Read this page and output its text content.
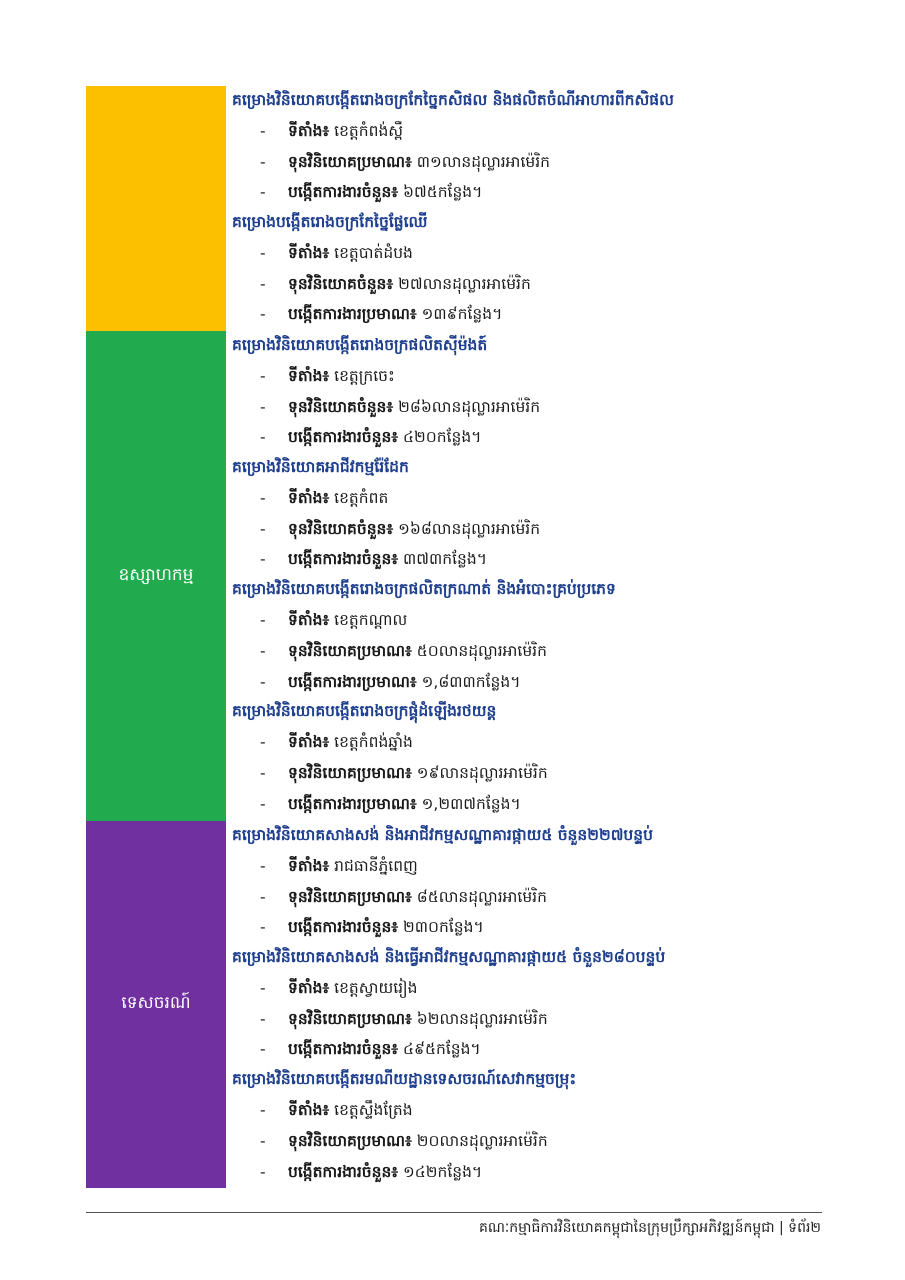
គម្រោងវិនិយោគបង្កើតរោងចក្រកែច្នៃកសិផល និងផលិតចំណីអាហារពីកសិផល
- ទីតាំង៖ ខេត្តកំពង់ស្ពឺ
- ទុនវិនិយោគប្រមាណ៖ ៣១លានដុល្លារអាម៉េរិក
- បង្កើតការងារចំនួន៖ ៦៧៥កន្លែង។
គម្រោងបង្កើតរោងចក្រកែច្នៃផ្លែឈើ
- ទីតាំង៖ ខេត្តបាត់ដំបង
- ទុនវិនិយោគចំនួន៖ ២៧លានដុល្លារអាម៉េរិក
- បង្កើតការងារប្រមាណ៖ ១៣៩កន្លែង។
ឧស្សាហកម្ម
គម្រោងវិនិយោគបង្កើតរោងចក្រផលិតស៊ីម៉ងត៍
- ទីតាំង៖ ខេត្តក្រចេះ
- ទុនវិនិយោគចំនួន៖ ២៨៦លានដុល្លារអាម៉េរិក
- បង្កើតការងារចំនួន៖ ៤២០កន្លែង។
គម្រោងវិនិយោគអាជីវកម្មរ៉ែដែក
- ទីតាំង៖ ខេត្តកំពត
- ទុនវិនិយោគចំនួន៖ ១៦៨លានដុល្លារអាម៉េរិក
- បង្កើតការងារចំនួន៖ ៣៧៣កន្លែង។
គម្រោងវិនិយោគបង្កើតរោងចក្រផលិតក្រណាត់ និងអំបោះគ្រប់ប្រភេទ
- ទីតាំង៖ ខេត្តកណ្ដាល
- ទុនវិនិយោគប្រមាណ៖ ៥០លានដុល្លារអាម៉េរិក
- បង្កើតការងារប្រមាណ៖ ១,៨៣៣កន្លែង។
គម្រោងវិនិយោគបង្កើតរោងចក្រផ្គុំដំឡើងរថយន្ត
- ទីតាំង៖ ខេត្តកំពង់ឆ្នាំង
- ទុនវិនិយោគប្រមាណ៖ ១៩លានដុល្លារអាម៉េរិក
- បង្កើតការងារប្រមាណ៖ ១,២៣៧កន្លែង។
ទេសចរណ៍
គម្រោងវិនិយោគសាងសង់ និងអាជីវកម្មសណ្ឋាគារផ្កាយ៥ ចំនួន២២៧បន្ទប់
- ទីតាំង៖ រាជធានីភ្នំពេញ
- ទុនវិនិយោគប្រមាណ៖ ៨៥លានដុល្លារអាម៉េរិក
- បង្កើតការងារចំនួន៖ ២៣០កន្លែង។
គម្រោងវិនិយោគសាងសង់ និងធ្វើអាជីវកម្មសណ្ឋាគារផ្កាយ៥ ចំនួន២៨០បន្ទប់
- ទីតាំង៖ ខេត្តស្វាយរៀង
- ទុនវិនិយោគប្រមាណ៖ ៦២លានដុល្លារអាម៉េរិក
- បង្កើតការងារចំនួន៖ ៤៩៥កន្លែង។
គម្រោងវិនិយោគបង្កើតរមណីយដ្ឋានទេសចរណ៍សេវាកម្មចម្រុះ
- ទីតាំង៖ ខេត្តស្ទឹងត្រែង
- ទុនវិនិយោគប្រមាណ៖ ២០លានដុល្លារអាម៉េរិក
- បង្កើតការងារចំនួន៖ ១៤២កន្លែង។
គណៈកម្មាធិការវិនិយោគកម្ពុជានៃក្រុមប្រឹក្សាអភិវឌ្ឍន៍កម្ពុជា | ទំព័រ២
